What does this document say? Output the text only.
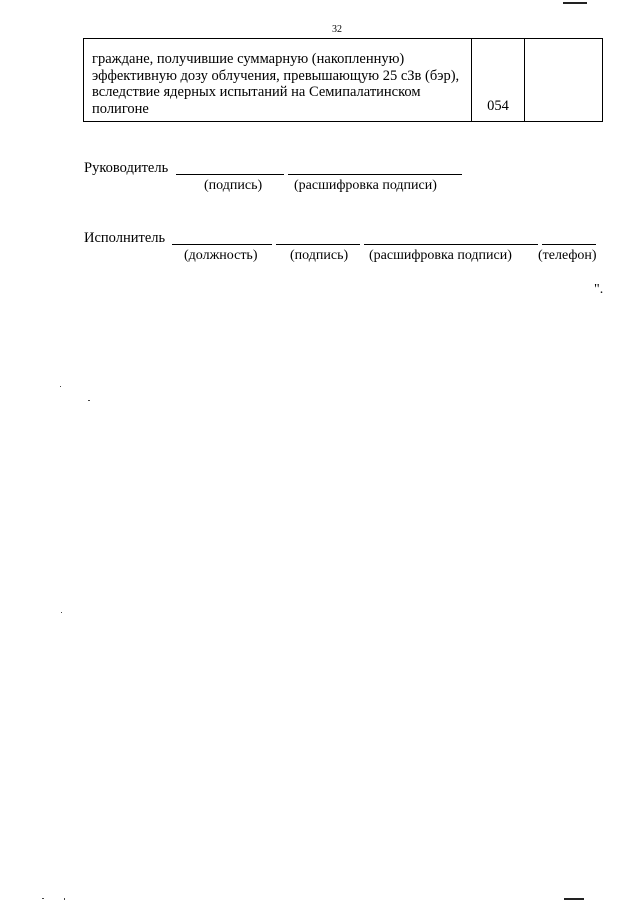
32
граждане, получившие суммарную (накопленную) эффективную дозу облучения, превышающую 25 сЗв (бэр), вследствие ядерных испытаний на Семипалатинском полигоне	054	
Руководитель
(подпись) (расшифровка подписи)
Исполнитель
(должность) (подпись) (расшифровка подписи) (телефон)
".
